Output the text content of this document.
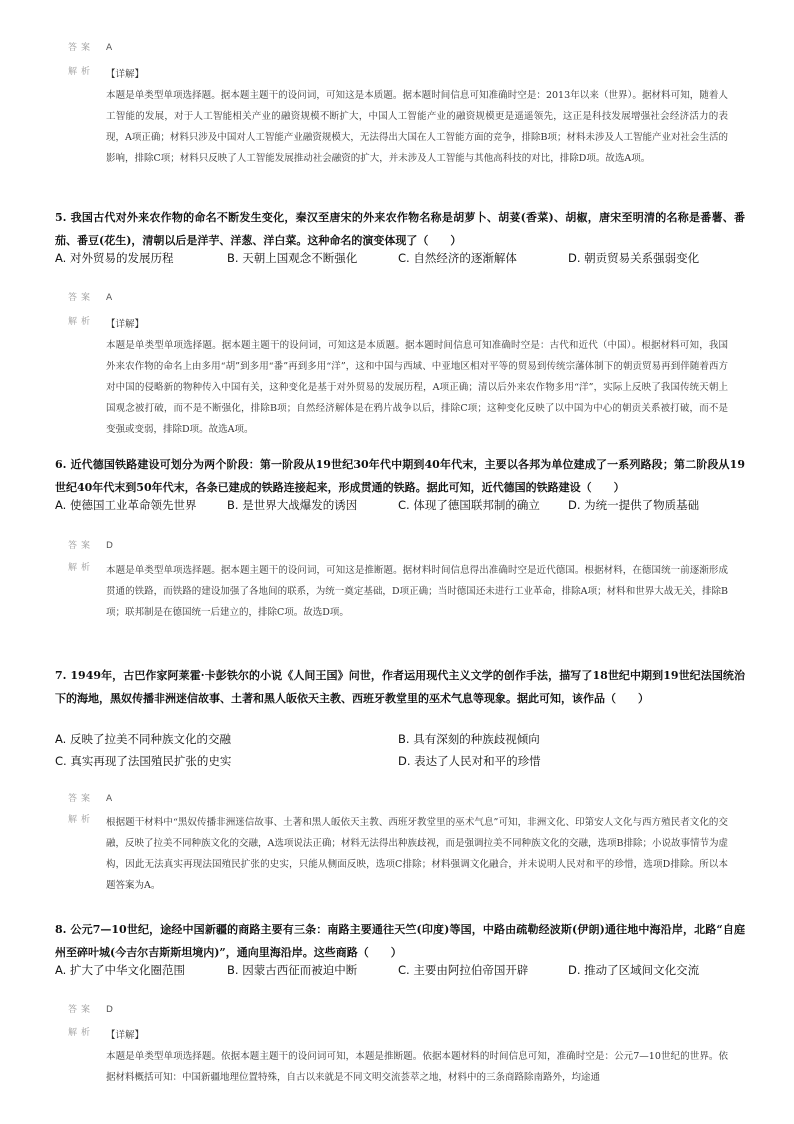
答案 A
解析 【详解】
本题是单类型单项选择题。据本题主题干的设问词，可知这是本质题。据本题时间信息可知准确时空是：2013年以来（世界）。据材料可知，随着人工智能的发展，对于人工智能相关产业的融资规模不断扩大，中国人工智能产业的融资规模更是遥遥领先，这正是科技发展增强社会经济活力的表现，A项正确；材料只涉及中国对人工智能产业融资规模大，无法得出大国在人工智能方面的竞争，排除B项；材料未涉及人工智能产业对社会生活的影响，排除C项；材料只反映了人工智能发展推动社会融资的扩大，并未涉及人工智能与其他高科技的对比，排除D项。故选A项。
5. 我国古代对外来农作物的命名不断发生变化，秦汉至唐宋的外来农作物名称是胡萝卜、胡荽(香菜)、胡椒，唐宋至明清的名称是番薯、番茄、番豆(花生)，清朝以后是洋芋、洋葱、洋白菜。这种命名的演变体现了（　　）
A. 对外贸易的发展历程	B. 天朝上国观念不断强化	C. 自然经济的逐渐解体	D. 朝贡贸易关系强弱变化
答案 A
解析 【详解】
本题是单类型单项选择题。据本题主题干的设问词，可知这是本质题。据本题时间信息可知准确时空是：古代和近代（中国）。根据材料可知，我国外来农作物的命名上由多用“胡”到多用“番”再到多用“洋”，这和中国与西域、中亚地区相对平等的贸易到传统宗藩体制下的朝贡贸易再到伴随着西方对中国的侵略新的物种传入中国有关，这种变化是基于对外贸易的发展历程，A项正确；清以后外来农作物多用“洋”，实际上反映了我国传统天朝上国观念被打破，而不是不断强化，排除B项；自然经济解体是在鸦片战争以后，排除C项；这种变化反映了以中国为中心的朝贡关系被打破，而不是变强或变弱，排除D项。故选A项。
6. 近代德国铁路建设可划分为两个阶段：第一阶段从19世纪30年代中期到40年代末，主要以各邦为单位建成了一系列路段；第二阶段从19世纪40年代末到50年代末，各条已建成的铁路连接起来，形成贯通的铁路。据此可知，近代德国的铁路建设（　　）
A. 使德国工业革命领先世界	B. 是世界大战爆发的诱因	C. 体现了德国联邦制的确立 D. 为统一提供了物质基础
答案 D
解析 本题是单类型单项选择题。据本题主题干的设问词，可知这是推断题。据材料时间信息得出准确时空是近代德国。根据材料，在德国统一前逐渐形成贯通的铁路，而铁路的建设加强了各地间的联系，为统一奠定基础，D项正确；当时德国还未进行工业革命，排除A项；材料和世界大战无关，排除B项；联邦制是在德国统一后建立的，排除C项。故选D项。
7. 1949年，古巴作家阿莱霍·卡彭铁尔的小说《人间王国》问世，作者运用现代主义文学的创作手法，描写了18世纪中期到19世纪法国统治下的海地，黑奴传播非洲迷信故事、土著和黑人皈依天主教、西班牙教堂里的巫术气息等现象。据此可知，该作品（　　）
A. 反映了拉美不同种族文化的交融	B. 具有深刻的种族歧视倾向
C. 真实再现了法国殖民扩张的史实	D. 表达了人民对和平的珍惜
答案 A
解析 根据题干材料中“黑奴传播非洲迷信故事、土著和黑人皈依天主教、西班牙教堂里的巫术气息”可知，非洲文化、印第安人文化与西方殖民者文化的交融，反映了拉美不同种族文化的交融，A选项说法正确；材料无法得出种族歧视，而是强调拉美不同种族文化的交融，选项B排除；小说故事情节为虚构，因此无法真实再现法国殖民扩张的史实，只能从侧面反映，选项C排除；材料强调文化融合，并未说明人民对和平的珍惜，选项D排除。所以本题答案为A。
8. 公元7—10世纪，途经中国新疆的商路主要有三条：南路主要通往天竺(印度)等国，中路由疏勒经波斯(伊朗)通往地中海沿岸，北路“自庭州至碎叶城(今吉尔吉斯斯坦境内)”，通向里海沿岸。这些商路（　　）
A. 扩大了中华文化圈范围	B. 因蒙古西征而被迫中断	C. 主要由阿拉伯帝国开辟	D. 推动了区域间文化交流
答案 D
解析 【详解】
本题是单类型单项选择题。依据本题主题干的设问词可知，本题是推断题。依据本题材料的时间信息可知，准确时空是：公元7—10世纪的世界。依据材料概括可知：中国新疆地理位置特殊，自古以来就是不同文明交流荟萃之地，材料中的三条商路除南路外，均途通
